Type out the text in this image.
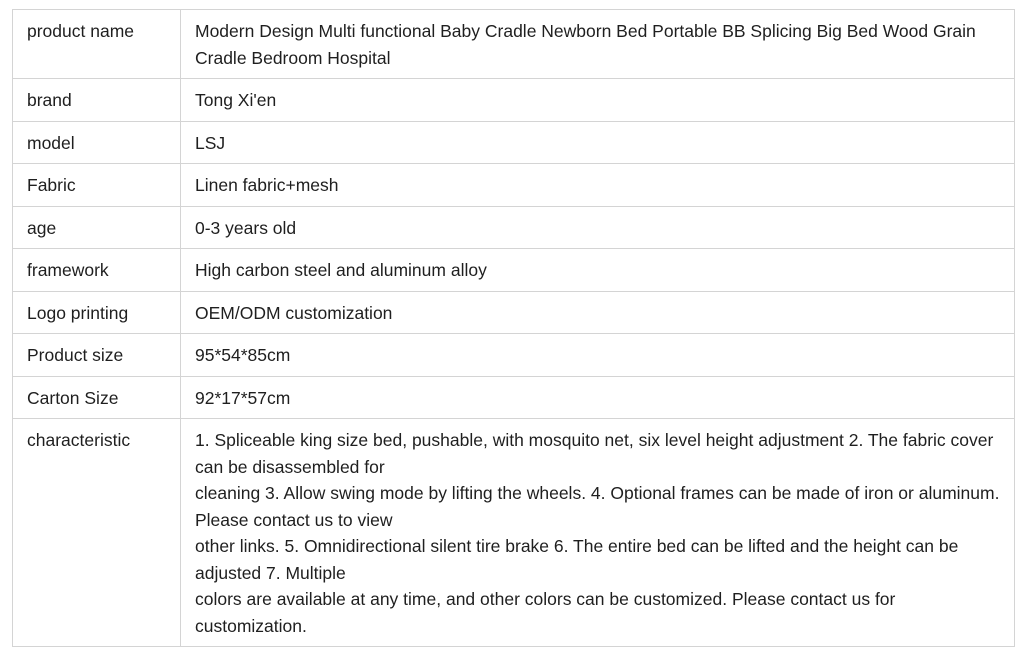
product name	Modern Design Multi functional Baby Cradle Newborn Bed Portable BB Splicing Big Bed Wood Grain Cradle Bedroom Hospital

brand	Tong Xi'en

model	LSJ

Fabric	Linen fabric+mesh

age	0-3 years old

framework	High carbon steel and aluminum alloy

Logo printing	OEM/ODM customization

Product size	95*54*85cm

Carton Size	92*17*57cm

characteristic	1. Spliceable king size bed, pushable, with mosquito net, six level height adjustment 2. The fabric cover can be disassembled for
cleaning 3. Allow swing mode by lifting the wheels. 4. Optional frames can be made of iron or aluminum. Please contact us to view
other links. 5. Omnidirectional silent tire brake 6. The entire bed can be lifted and the height can be adjusted 7. Multiple
colors are available at any time, and other colors can be customized. Please contact us for customization.
